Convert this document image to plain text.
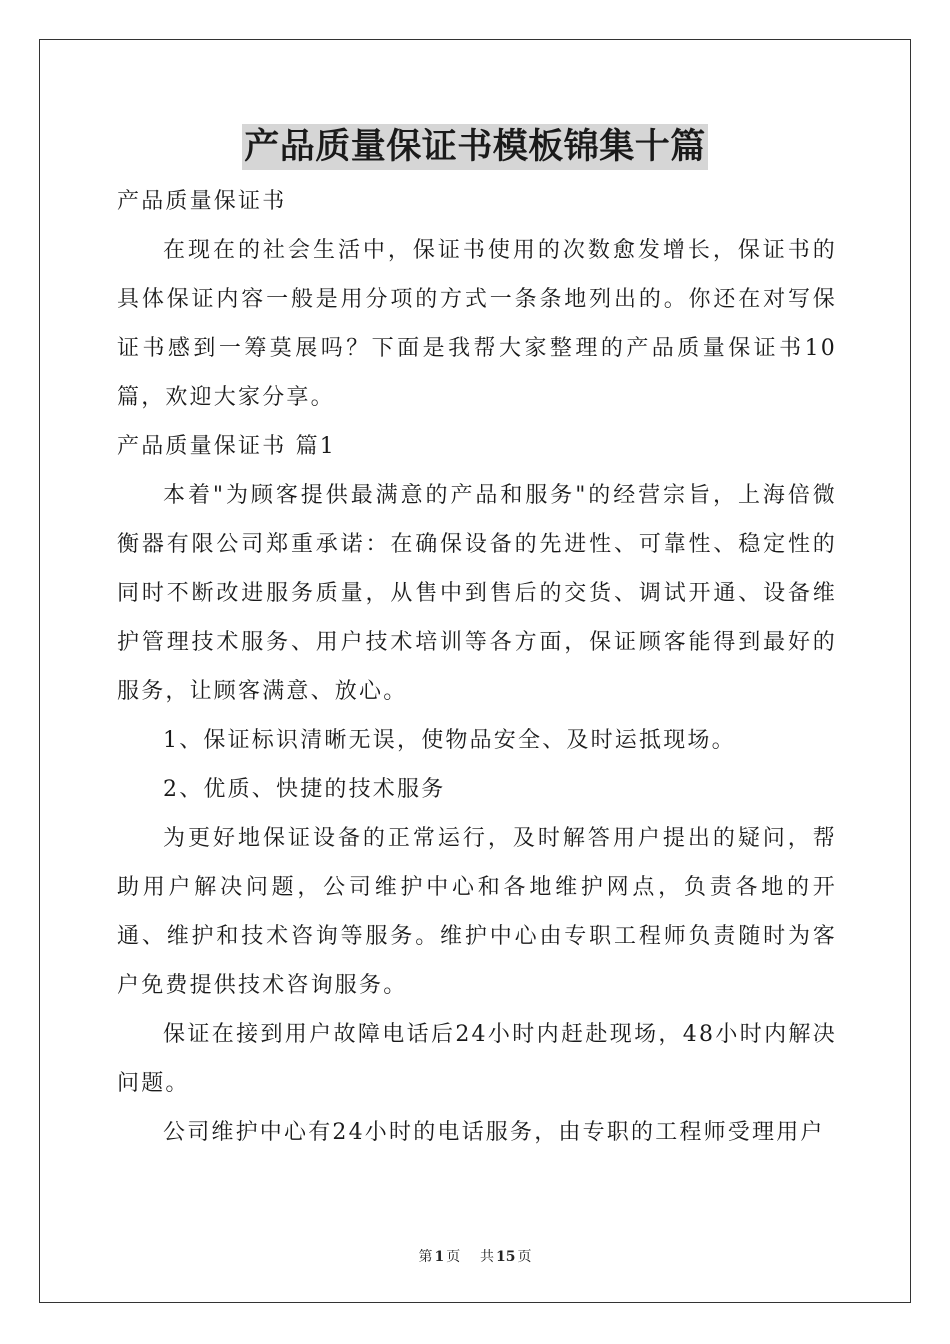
产品质量保证书模板锦集十篇

产品质量保证书

在现在的社会生活中，保证书使用的次数愈发增长，保证书的具体保证内容一般是用分项的方式一条条地列出的。你还在对写保证书感到一筹莫展吗？下面是我帮大家整理的产品质量保证书10篇，欢迎大家分享。

产品质量保证书 篇1

本着"为顾客提供最满意的产品和服务"的经营宗旨，上海倍微衡器有限公司郑重承诺：在确保设备的先进性、可靠性、稳定性的同时不断改进服务质量，从售中到售后的交货、调试开通、设备维护管理技术服务、用户技术培训等各方面，保证顾客能得到最好的服务，让顾客满意、放心。

1、保证标识清晰无误，使物品安全、及时运抵现场。

2、优质、快捷的技术服务

为更好地保证设备的正常运行，及时解答用户提出的疑问，帮助用户解决问题，公司维护中心和各地维护网点，负责各地的开通、维护和技术咨询等服务。维护中心由专职工程师负责随时为客户免费提供技术咨询服务。

保证在接到用户故障电话后24小时内赶赴现场，48小时内解决问题。

公司维护中心有24小时的电话服务，由专职的工程师受理用户

第 1 页 共 15 页
